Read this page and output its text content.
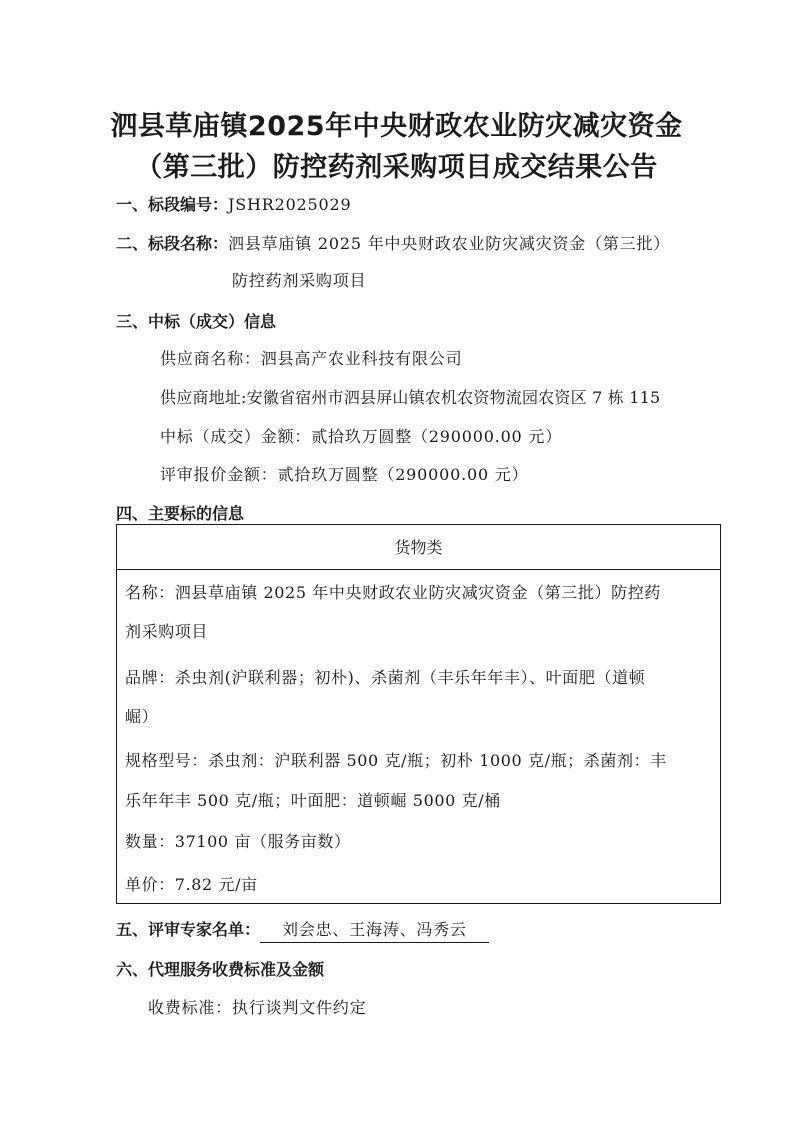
泗县草庙镇2025年中央财政农业防灾减灾资金
（第三批）防控药剂采购项目成交结果公告
一、标段编号：JSHR2025029
二、标段名称：泗县草庙镇 2025 年中央财政农业防灾减灾资金（第三批）
防控药剂采购项目
三、中标（成交）信息
供应商名称：泗县高产农业科技有限公司
供应商地址:安徽省宿州市泗县屏山镇农机农资物流园农资区 7 栋 115
中标（成交）金额：贰拾玖万圆整（290000.00 元）
评审报价金额：贰拾玖万圆整（290000.00 元）
四、主要标的信息
货物类
名称：泗县草庙镇 2025 年中央财政农业防灾减灾资金（第三批）防控药
剂采购项目
品牌：杀虫剂(沪联利器；初朴)、杀菌剂（丰乐年年丰）、叶面肥（道顿
崛）
规格型号：杀虫剂：沪联利器 500 克/瓶；初朴 1000 克/瓶；杀菌剂：丰
乐年年丰 500 克/瓶；叶面肥：道顿崛 5000 克/桶
数量：37100 亩（服务亩数）
单价：7.82 元/亩
五、评审专家名单： 刘会忠、王海涛、冯秀云
六、代理服务收费标准及金额
收费标准：执行谈判文件约定
